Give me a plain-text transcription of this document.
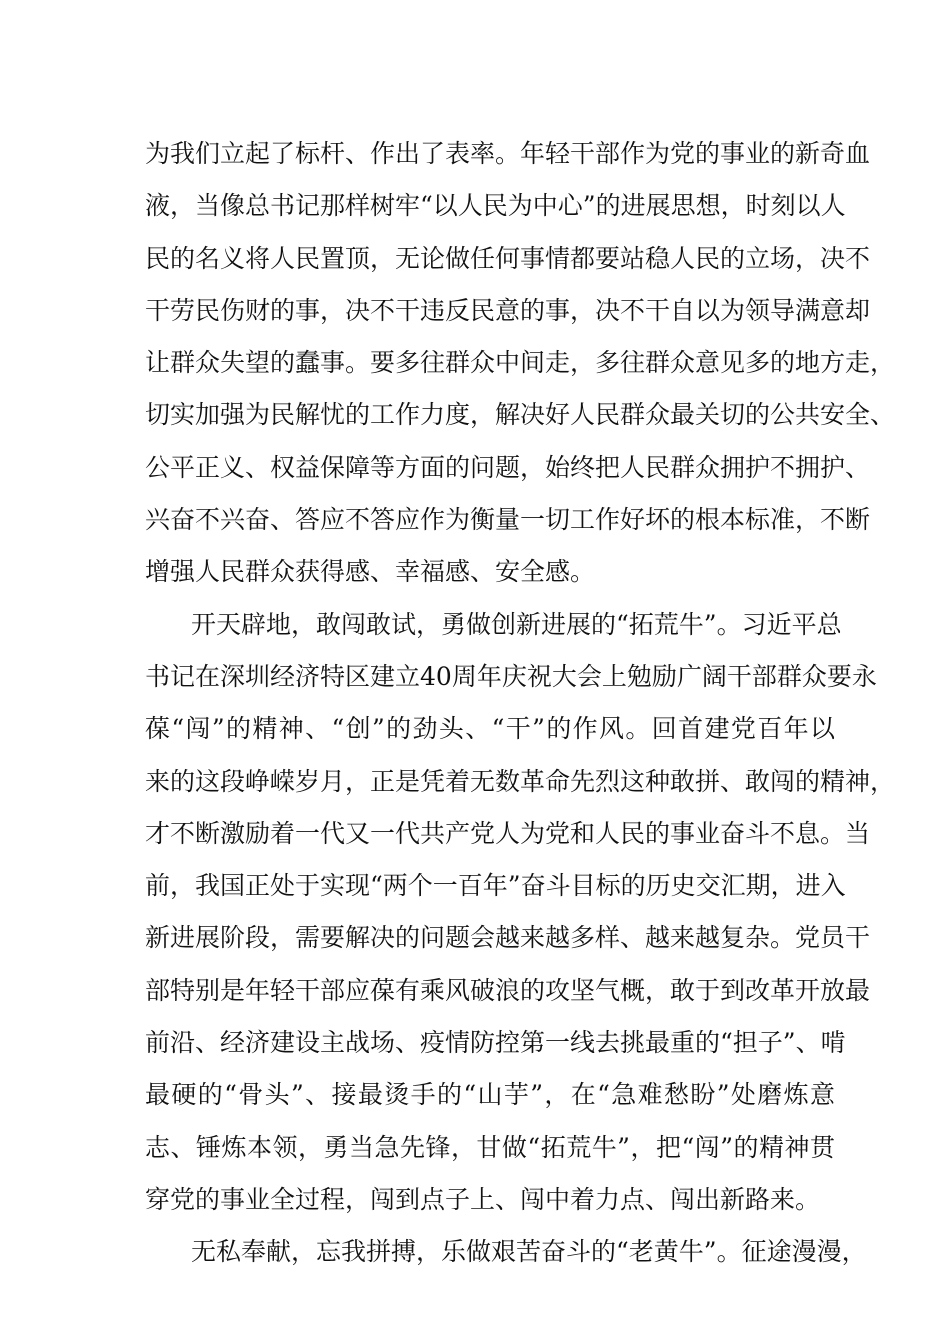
为我们立起了标杆、作出了表率。年轻干部作为党的事业的新奇血
液，当像总书记那样树牢“以人民为中心”的进展思想，时刻以人
民的名义将人民置顶，无论做任何事情都要站稳人民的立场，决不
干劳民伤财的事，决不干违反民意的事，决不干自以为领导满意却
让群众失望的蠢事。要多往群众中间走，多往群众意见多的地方走，
切实加强为民解忧的工作力度，解决好人民群众最关切的公共安全、
公平正义、权益保障等方面的问题，始终把人民群众拥护不拥护、
兴奋不兴奋、答应不答应作为衡量一切工作好坏的根本标准，不断
增强人民群众获得感、幸福感、安全感。
开天辟地，敢闯敢试，勇做创新进展的“拓荒牛”。习近平总
书记在深圳经济特区建立40周年庆祝大会上勉励广阔干部群众要永
葆“闯”的精神、“创”的劲头、“干”的作风。回首建党百年以
来的这段峥嵘岁月，正是凭着无数革命先烈这种敢拼、敢闯的精神，
才不断激励着一代又一代共产党人为党和人民的事业奋斗不息。当
前，我国正处于实现“两个一百年”奋斗目标的历史交汇期，进入
新进展阶段，需要解决的问题会越来越多样、越来越复杂。党员干
部特别是年轻干部应葆有乘风破浪的攻坚气概，敢于到改革开放最
前沿、经济建设主战场、疫情防控第一线去挑最重的“担子”、啃
最硬的“骨头”、接最烫手的“山芋”，在“急难愁盼”处磨炼意
志、锤炼本领，勇当急先锋，甘做“拓荒牛”，把“闯”的精神贯
穿党的事业全过程，闯到点子上、闯中着力点、闯出新路来。
无私奉献，忘我拼搏，乐做艰苦奋斗的“老黄牛”。征途漫漫，
